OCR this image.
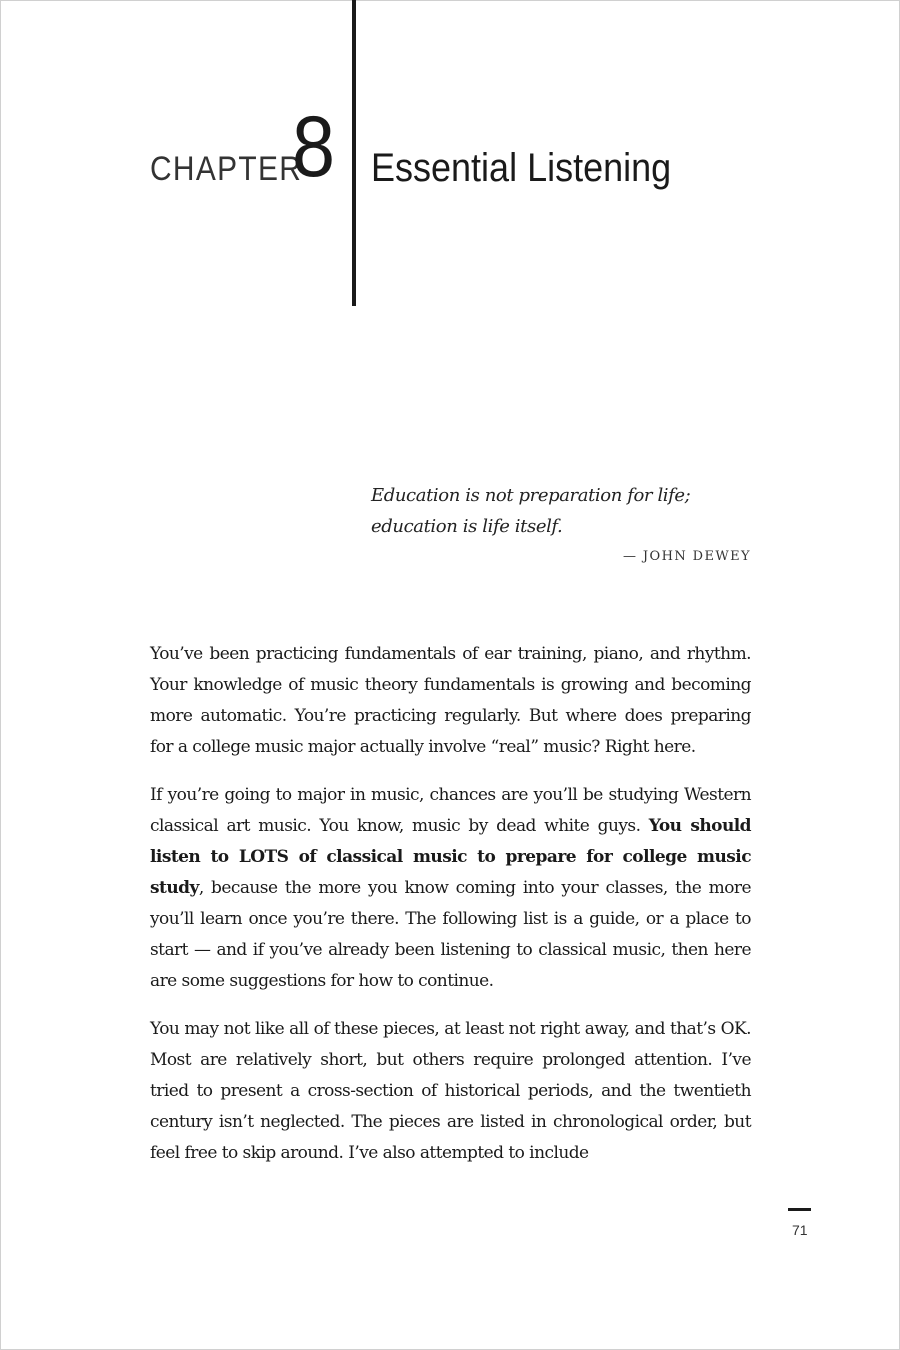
CHAPTER
8 Essential Listening
Education is not preparation for life;
education is life itself.
— JOHN DEWEY

You’ve been practicing fundamentals of ear training, piano, and rhythm. Your knowledge of music theory fundamentals is growing and becoming more automatic. You’re practicing regularly. But where does preparing for a college music major actually involve “real” music? Right here.

If you’re going to major in music, chances are you’ll be studying Western classical art music. You know, music by dead white guys. You should listen to LOTS of classical music to prepare for college music study, because the more you know coming into your classes, the more you’ll learn once you’re there. The following list is a guide, or a place to start — and if you’ve already been listening to classical music, then here are some suggestions for how to continue.

You may not like all of these pieces, at least not right away, and that’s OK. Most are relatively short, but others require prolonged attention. I’ve tried to present a cross-section of historical periods, and the twentieth century isn’t neglected. The pieces are listed in chronological order, but feel free to skip around. I’ve also attempted to include

71
